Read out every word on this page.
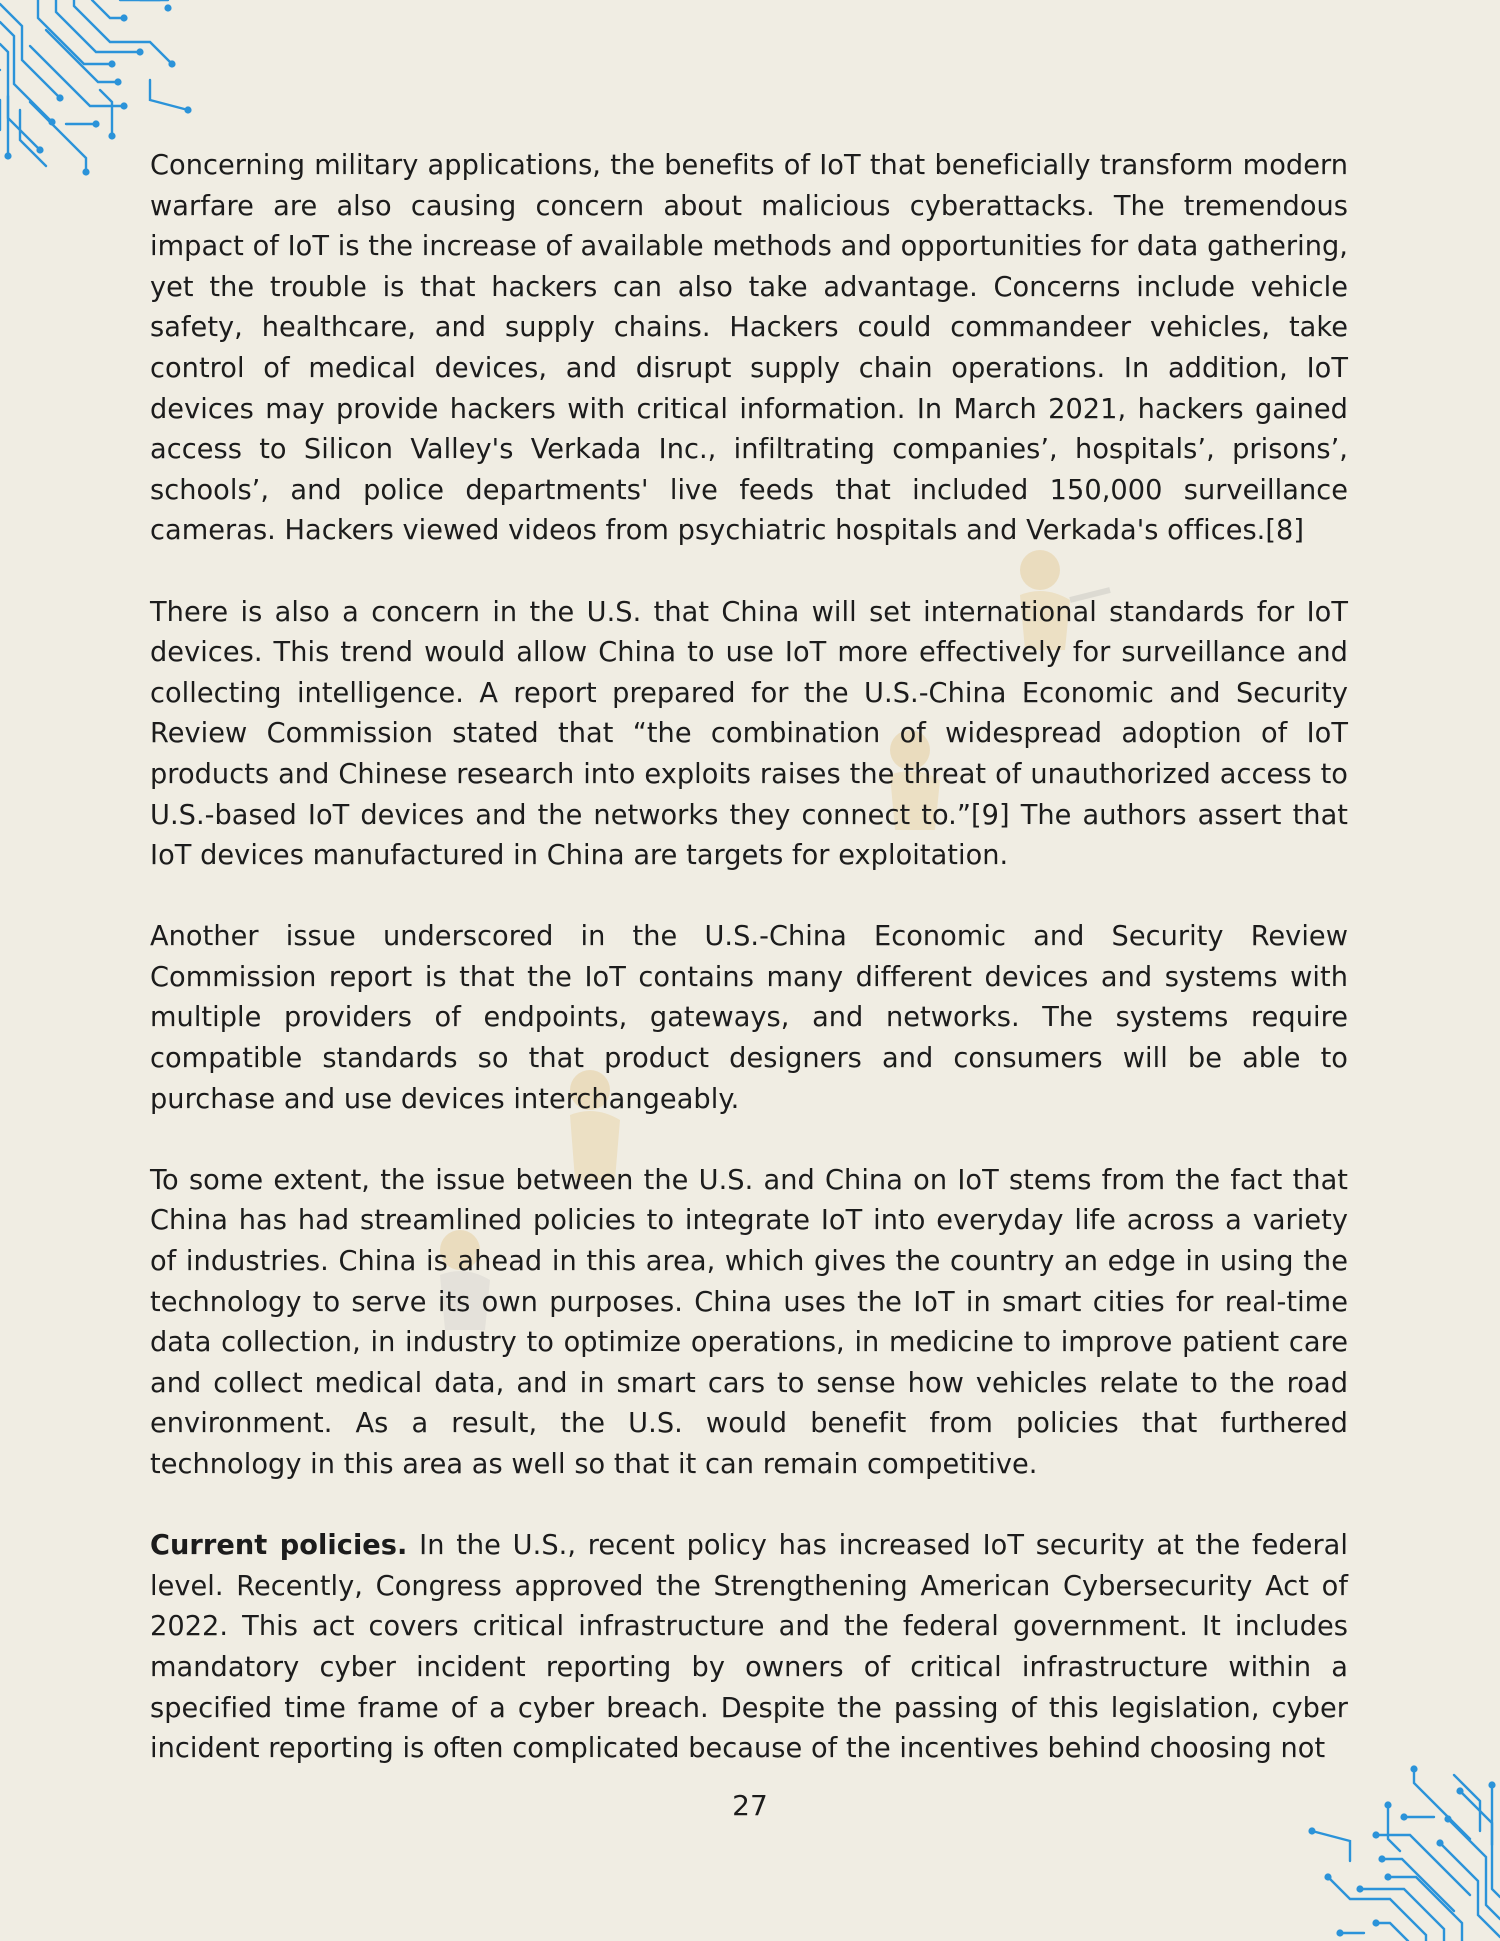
Concerning military applications, the benefits of IoT that beneficially transform modern warfare are also causing concern about malicious cyberattacks. The tremendous impact of IoT is the increase of available methods and opportunities for data gathering, yet the trouble is that hackers can also take advantage. Concerns include vehicle safety, healthcare, and supply chains. Hackers could commandeer vehicles, take control of medical devices, and disrupt supply chain operations. In addition, IoT devices may provide hackers with critical information. In March 2021, hackers gained access to Silicon Valley's Verkada Inc., infiltrating companies’, hospitals’, prisons’, schools’, and police departments' live feeds that included 150,000 surveillance cameras. Hackers viewed videos from psychiatric hospitals and Verkada's offices.[8]

There is also a concern in the U.S. that China will set international standards for IoT devices. This trend would allow China to use IoT more effectively for surveillance and collecting intelligence. A report prepared for the U.S.-China Economic and Security Review Commission stated that “the combination of widespread adoption of IoT products and Chinese research into exploits raises the threat of unauthorized access to U.S.-based IoT devices and the networks they connect to.”[9] The authors assert that IoT devices manufactured in China are targets for exploitation.

Another issue underscored in the U.S.-China Economic and Security Review Commission report is that the IoT contains many different devices and systems with multiple providers of endpoints, gateways, and networks. The systems require compatible standards so that product designers and consumers will be able to purchase and use devices interchangeably.

To some extent, the issue between the U.S. and China on IoT stems from the fact that China has had streamlined policies to integrate IoT into everyday life across a variety of industries. China is ahead in this area, which gives the country an edge in using the technology to serve its own purposes. China uses the IoT in smart cities for real-time data collection, in industry to optimize operations, in medicine to improve patient care and collect medical data, and in smart cars to sense how vehicles relate to the road environment. As a result, the U.S. would benefit from policies that furthered technology in this area as well so that it can remain competitive.

Current policies. In the U.S., recent policy has increased IoT security at the federal level. Recently, Congress approved the Strengthening American Cybersecurity Act of 2022. This act covers critical infrastructure and the federal government. It includes mandatory cyber incident reporting by owners of critical infrastructure within a specified time frame of a cyber breach. Despite the passing of this legislation, cyber incident reporting is often complicated because of the incentives behind choosing not

27
